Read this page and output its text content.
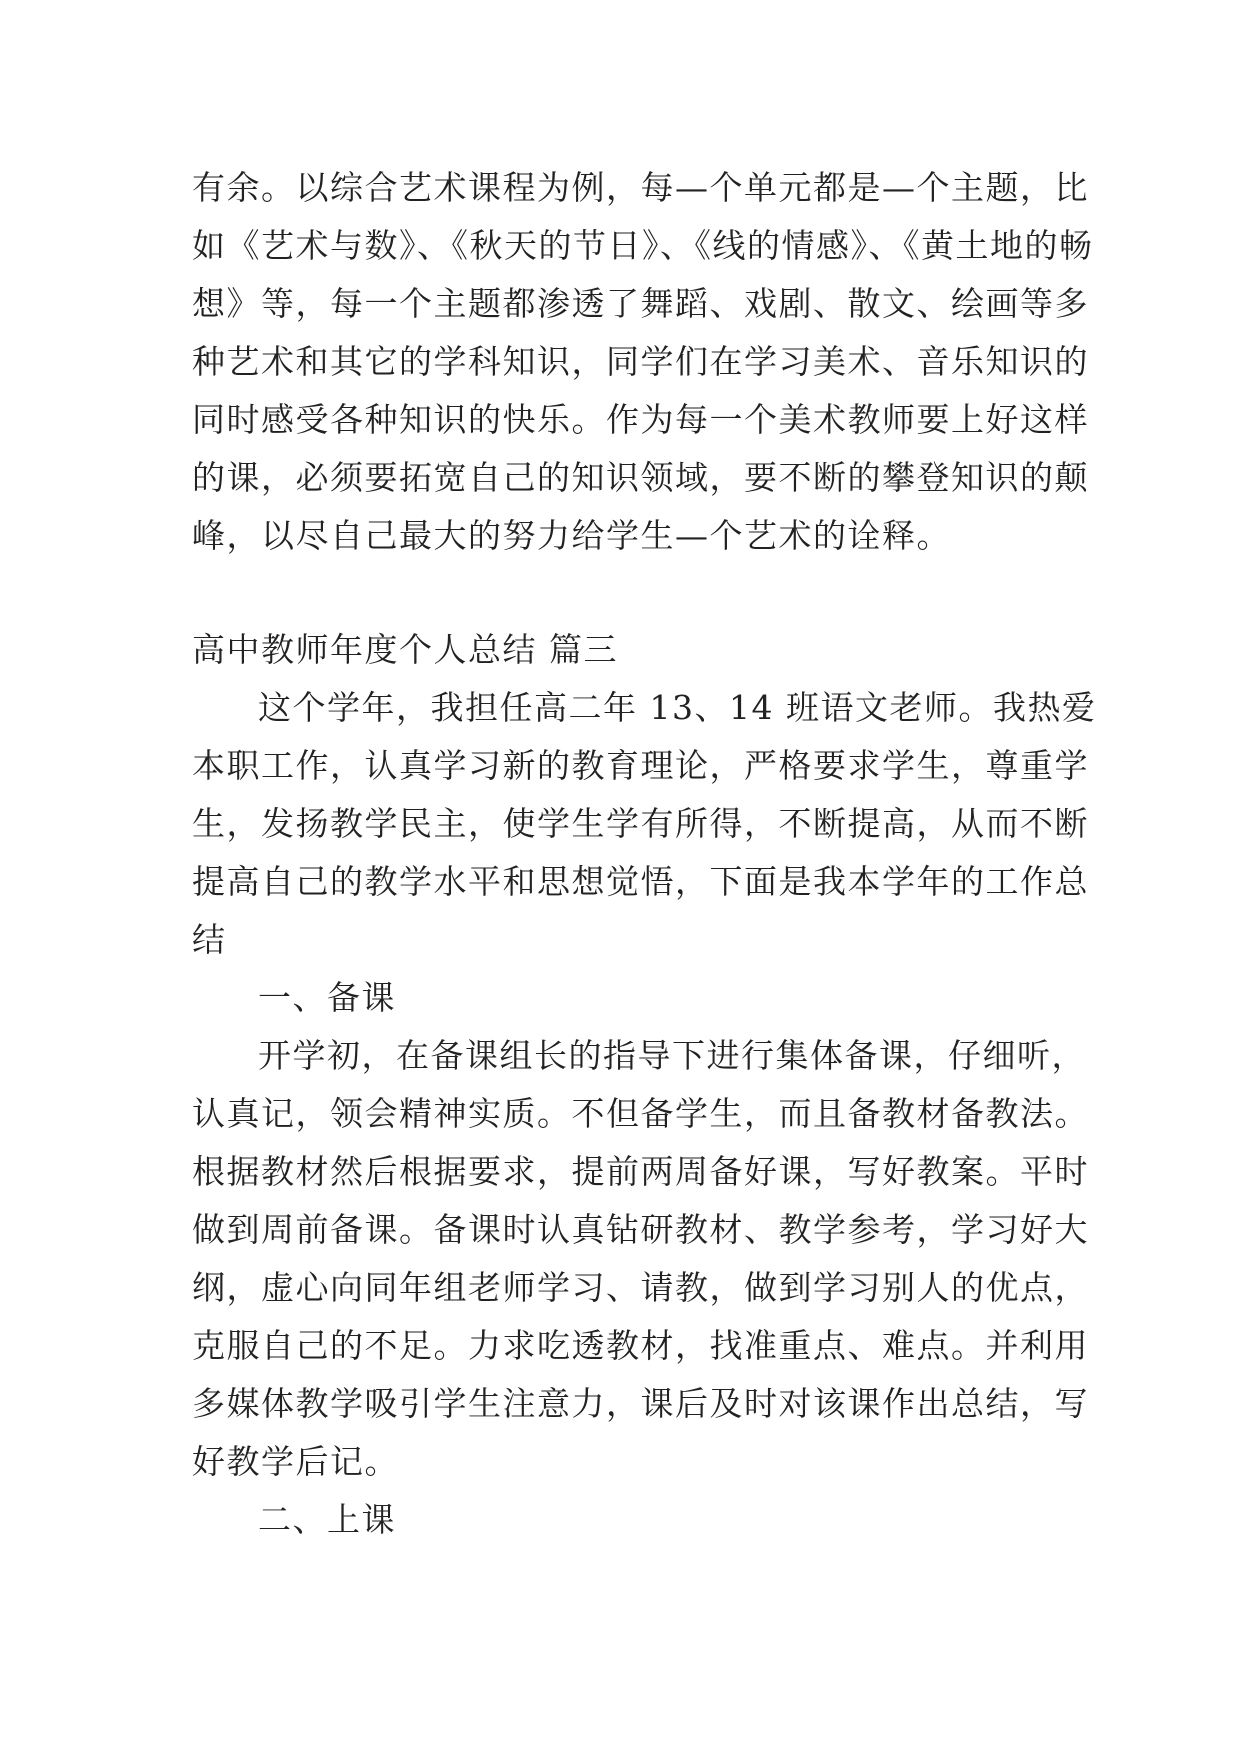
有余。以综合艺术课程为例，每—个单元都是—个主题，比
如《艺术与数》、《秋天的节日》、《线的情感》、《黄土地的畅
想》等，每一个主题都渗透了舞蹈、戏剧、散文、绘画等多
种艺术和其它的学科知识，同学们在学习美术、音乐知识的
同时感受各种知识的快乐。作为每一个美术教师要上好这样
的课，必须要拓宽自己的知识领域，要不断的攀登知识的颠
峰，以尽自己最大的努力给学生—个艺术的诠释。
高中教师年度个人总结 篇三
这个学年，我担任高二年 13、14 班语文老师。我热爱
本职工作，认真学习新的教育理论，严格要求学生，尊重学
生，发扬教学民主，使学生学有所得，不断提高，从而不断
提高自己的教学水平和思想觉悟，下面是我本学年的工作总
结
一、备课
开学初，在备课组长的指导下进行集体备课，仔细听，
认真记，领会精神实质。不但备学生，而且备教材备教法。
根据教材然后根据要求，提前两周备好课，写好教案。平时
做到周前备课。备课时认真钻研教材、教学参考，学习好大
纲，虚心向同年组老师学习、请教，做到学习别人的优点，
克服自己的不足。力求吃透教材，找准重点、难点。并利用
多媒体教学吸引学生注意力，课后及时对该课作出总结，写
好教学后记。
二、上课
